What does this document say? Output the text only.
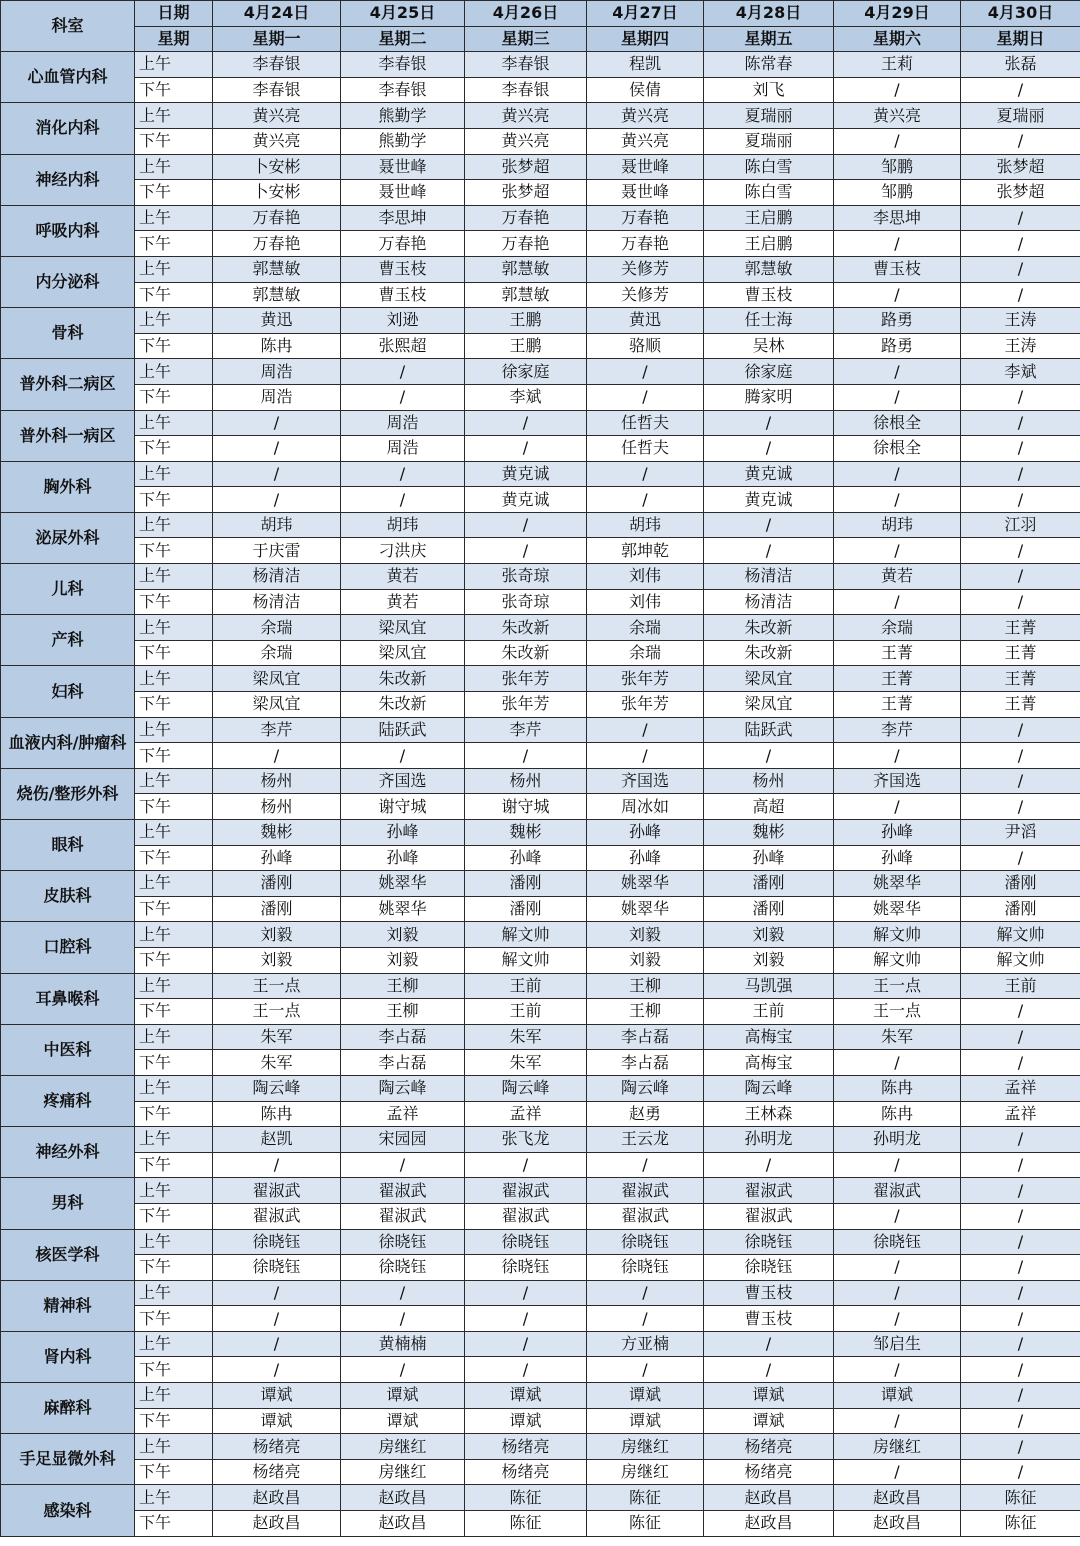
科室	日期	4月24日	4月25日	4月26日	4月27日	4月28日	4月29日	4月30日
	星期	星期一	星期二	星期三	星期四	星期五	星期六	星期日
心血管内科	上午	李春银	李春银	李春银	程凯	陈常春	王莉	张磊
	下午	李春银	李春银	李春银	侯倩	刘飞	/	/
消化内科	上午	黄兴亮	熊勤学	黄兴亮	黄兴亮	夏瑞丽	黄兴亮	夏瑞丽
	下午	黄兴亮	熊勤学	黄兴亮	黄兴亮	夏瑞丽	/	/
神经内科	上午	卜安彬	聂世峰	张梦超	聂世峰	陈白雪	邹鹏	张梦超
	下午	卜安彬	聂世峰	张梦超	聂世峰	陈白雪	邹鹏	张梦超
呼吸内科	上午	万春艳	李思坤	万春艳	万春艳	王启鹏	李思坤	/
	下午	万春艳	万春艳	万春艳	万春艳	王启鹏	/	/
内分泌科	上午	郭慧敏	曹玉枝	郭慧敏	关修芳	郭慧敏	曹玉枝	/
	下午	郭慧敏	曹玉枝	郭慧敏	关修芳	曹玉枝	/	/
骨科	上午	黄迅	刘逊	王鹏	黄迅	任士海	路勇	王涛
	下午	陈冉	张熙超	王鹏	骆顺	吴林	路勇	王涛
普外科二病区	上午	周浩	/	徐家庭	/	徐家庭	/	李斌
	下午	周浩	/	李斌	/	腾家明	/	/
普外科一病区	上午	/	周浩	/	任哲夫	/	徐根全	/
	下午	/	周浩	/	任哲夫	/	徐根全	/
胸外科	上午	/	/	黄克诚	/	黄克诚	/	/
	下午	/	/	黄克诚	/	黄克诚	/	/
泌尿外科	上午	胡玮	胡玮	/	胡玮	/	胡玮	江羽
	下午	于庆雷	刁洪庆	/	郭坤乾	/	/	/
儿科	上午	杨清洁	黄若	张奇琼	刘伟	杨清洁	黄若	/
	下午	杨清洁	黄若	张奇琼	刘伟	杨清洁	/	/
产科	上午	余瑞	梁凤宜	朱改新	余瑞	朱改新	余瑞	王菁
	下午	余瑞	梁凤宜	朱改新	余瑞	朱改新	王菁	王菁
妇科	上午	梁凤宜	朱改新	张年芳	张年芳	梁凤宜	王菁	王菁
	下午	梁凤宜	朱改新	张年芳	张年芳	梁凤宜	王菁	王菁
血液内科/肿瘤科	上午	李芹	陆跃武	李芹	/	陆跃武	李芹	/
	下午	/	/	/	/	/	/	/
烧伤/整形外科	上午	杨州	齐国选	杨州	齐国选	杨州	齐国选	/
	下午	杨州	谢守城	谢守城	周冰如	高超	/	/
眼科	上午	魏彬	孙峰	魏彬	孙峰	魏彬	孙峰	尹滔
	下午	孙峰	孙峰	孙峰	孙峰	孙峰	孙峰	/
皮肤科	上午	潘刚	姚翠华	潘刚	姚翠华	潘刚	姚翠华	潘刚
	下午	潘刚	姚翠华	潘刚	姚翠华	潘刚	姚翠华	潘刚
口腔科	上午	刘毅	刘毅	解文帅	刘毅	刘毅	解文帅	解文帅
	下午	刘毅	刘毅	解文帅	刘毅	刘毅	解文帅	解文帅
耳鼻喉科	上午	王一点	王柳	王前	王柳	马凯强	王一点	王前
	下午	王一点	王柳	王前	王柳	王前	王一点	/
中医科	上午	朱军	李占磊	朱军	李占磊	高梅宝	朱军	/
	下午	朱军	李占磊	朱军	李占磊	高梅宝	/	/
疼痛科	上午	陶云峰	陶云峰	陶云峰	陶云峰	陶云峰	陈冉	孟祥
	下午	陈冉	孟祥	孟祥	赵勇	王林森	陈冉	孟祥
神经外科	上午	赵凯	宋园园	张飞龙	王云龙	孙明龙	孙明龙	/
	下午	/	/	/	/	/	/	/
男科	上午	翟淑武	翟淑武	翟淑武	翟淑武	翟淑武	翟淑武	/
	下午	翟淑武	翟淑武	翟淑武	翟淑武	翟淑武	/	/
核医学科	上午	徐晓钰	徐晓钰	徐晓钰	徐晓钰	徐晓钰	徐晓钰	/
	下午	徐晓钰	徐晓钰	徐晓钰	徐晓钰	徐晓钰	/	/
精神科	上午	/	/	/	/	曹玉枝	/	/
	下午	/	/	/	/	曹玉枝	/	/
肾内科	上午	/	黄楠楠	/	方亚楠	/	邹启生	/
	下午	/	/	/	/	/	/	/
麻醉科	上午	谭斌	谭斌	谭斌	谭斌	谭斌	谭斌	/
	下午	谭斌	谭斌	谭斌	谭斌	谭斌	/	/
手足显微外科	上午	杨绪亮	房继红	杨绪亮	房继红	杨绪亮	房继红	/
	下午	杨绪亮	房继红	杨绪亮	房继红	杨绪亮	/	/
感染科	上午	赵政昌	赵政昌	陈征	陈征	赵政昌	赵政昌	陈征
	下午	赵政昌	赵政昌	陈征	陈征	赵政昌	赵政昌	陈征
